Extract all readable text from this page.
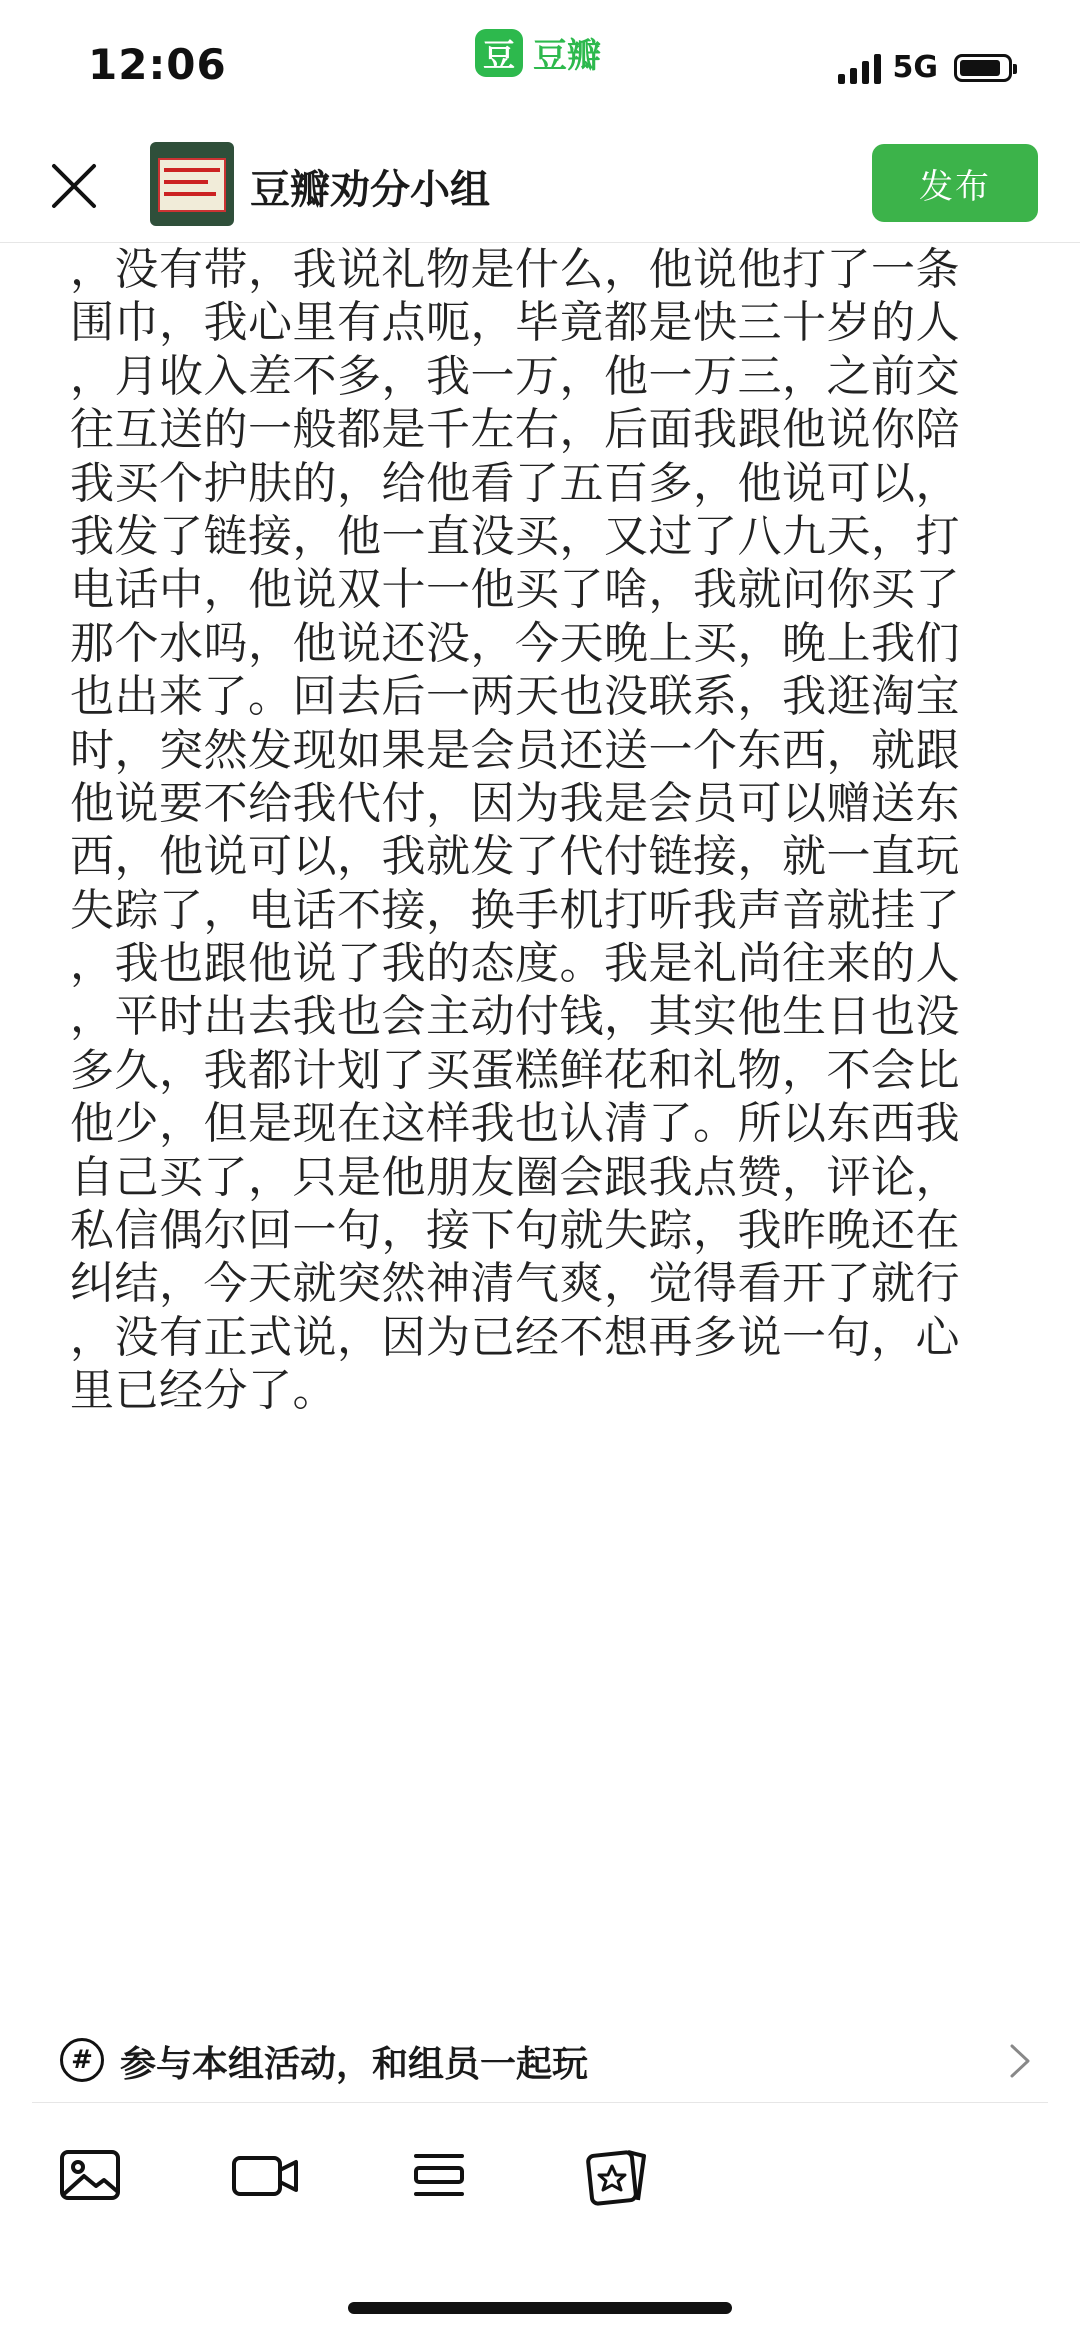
12:06	豆 豆瓣	5G
豆瓣劝分小组	发布
，没有带，我说礼物是什么，他说他打了一条
围巾，我心里有点呃，毕竟都是快三十岁的人
，月收入差不多，我一万，他一万三，之前交
往互送的一般都是千左右，后面我跟他说你陪
我买个护肤的，给他看了五百多，他说可以，
我发了链接，他一直没买，又过了八九天，打
电话中，他说双十一他买了啥，我就问你买了
那个水吗，他说还没，今天晚上买，晚上我们
也出来了。回去后一两天也没联系，我逛淘宝
时，突然发现如果是会员还送一个东西，就跟
他说要不给我代付，因为我是会员可以赠送东
西，他说可以，我就发了代付链接，就一直玩
失踪了，电话不接，换手机打听我声音就挂了
，我也跟他说了我的态度。我是礼尚往来的人
，平时出去我也会主动付钱，其实他生日也没
多久，我都计划了买蛋糕鲜花和礼物，不会比
他少，但是现在这样我也认清了。所以东西我
自己买了，只是他朋友圈会跟我点赞，评论，
私信偶尔回一句，接下句就失踪，我昨晚还在
纠结，今天就突然神清气爽，觉得看开了就行
，没有正式说，因为已经不想再多说一句，心
里已经分了。
# 参与本组活动，和组员一起玩
